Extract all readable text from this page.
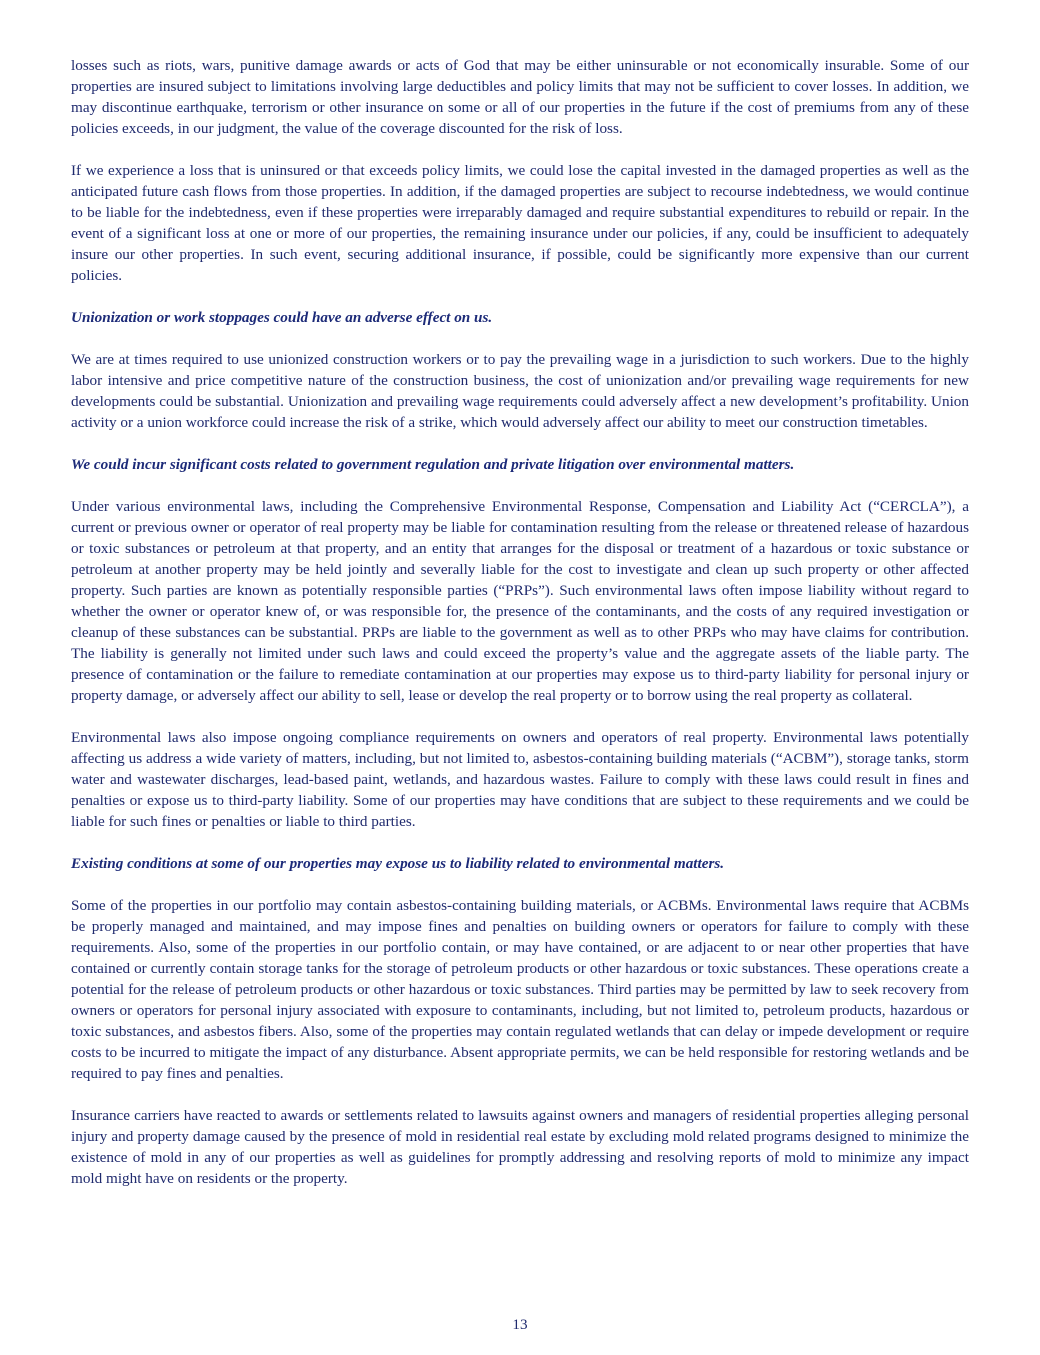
losses such as riots, wars, punitive damage awards or acts of God that may be either uninsurable or not economically insurable. Some of our properties are insured subject to limitations involving large deductibles and policy limits that may not be sufficient to cover losses. In addition, we may discontinue earthquake, terrorism or other insurance on some or all of our properties in the future if the cost of premiums from any of these policies exceeds, in our judgment, the value of the coverage discounted for the risk of loss.

If we experience a loss that is uninsured or that exceeds policy limits, we could lose the capital invested in the damaged properties as well as the anticipated future cash flows from those properties. In addition, if the damaged properties are subject to recourse indebtedness, we would continue to be liable for the indebtedness, even if these properties were irreparably damaged and require substantial expenditures to rebuild or repair. In the event of a significant loss at one or more of our properties, the remaining insurance under our policies, if any, could be insufficient to adequately insure our other properties. In such event, securing additional insurance, if possible, could be significantly more expensive than our current policies.

Unionization or work stoppages could have an adverse effect on us.

We are at times required to use unionized construction workers or to pay the prevailing wage in a jurisdiction to such workers. Due to the highly labor intensive and price competitive nature of the construction business, the cost of unionization and/or prevailing wage requirements for new developments could be substantial. Unionization and prevailing wage requirements could adversely affect a new development’s profitability. Union activity or a union workforce could increase the risk of a strike, which would adversely affect our ability to meet our construction timetables.

We could incur significant costs related to government regulation and private litigation over environmental matters.

Under various environmental laws, including the Comprehensive Environmental Response, Compensation and Liability Act (“CERCLA”), a current or previous owner or operator of real property may be liable for contamination resulting from the release or threatened release of hazardous or toxic substances or petroleum at that property, and an entity that arranges for the disposal or treatment of a hazardous or toxic substance or petroleum at another property may be held jointly and severally liable for the cost to investigate and clean up such property or other affected property. Such parties are known as potentially responsible parties (“PRPs”). Such environmental laws often impose liability without regard to whether the owner or operator knew of, or was responsible for, the presence of the contaminants, and the costs of any required investigation or cleanup of these substances can be substantial. PRPs are liable to the government as well as to other PRPs who may have claims for contribution. The liability is generally not limited under such laws and could exceed the property’s value and the aggregate assets of the liable party. The presence of contamination or the failure to remediate contamination at our properties may expose us to third-party liability for personal injury or property damage, or adversely affect our ability to sell, lease or develop the real property or to borrow using the real property as collateral.

Environmental laws also impose ongoing compliance requirements on owners and operators of real property. Environmental laws potentially affecting us address a wide variety of matters, including, but not limited to, asbestos-containing building materials (“ACBM”), storage tanks, storm water and wastewater discharges, lead-based paint, wetlands, and hazardous wastes. Failure to comply with these laws could result in fines and penalties or expose us to third-party liability. Some of our properties may have conditions that are subject to these requirements and we could be liable for such fines or penalties or liable to third parties.

Existing conditions at some of our properties may expose us to liability related to environmental matters.

Some of the properties in our portfolio may contain asbestos-containing building materials, or ACBMs. Environmental laws require that ACBMs be properly managed and maintained, and may impose fines and penalties on building owners or operators for failure to comply with these requirements. Also, some of the properties in our portfolio contain, or may have contained, or are adjacent to or near other properties that have contained or currently contain storage tanks for the storage of petroleum products or other hazardous or toxic substances. These operations create a potential for the release of petroleum products or other hazardous or toxic substances. Third parties may be permitted by law to seek recovery from owners or operators for personal injury associated with exposure to contaminants, including, but not limited to, petroleum products, hazardous or toxic substances, and asbestos fibers. Also, some of the properties may contain regulated wetlands that can delay or impede development or require costs to be incurred to mitigate the impact of any disturbance. Absent appropriate permits, we can be held responsible for restoring wetlands and be required to pay fines and penalties.

Insurance carriers have reacted to awards or settlements related to lawsuits against owners and managers of residential properties alleging personal injury and property damage caused by the presence of mold in residential real estate by excluding mold related programs designed to minimize the existence of mold in any of our properties as well as guidelines for promptly addressing and resolving reports of mold to minimize any impact mold might have on residents or the property.

13
